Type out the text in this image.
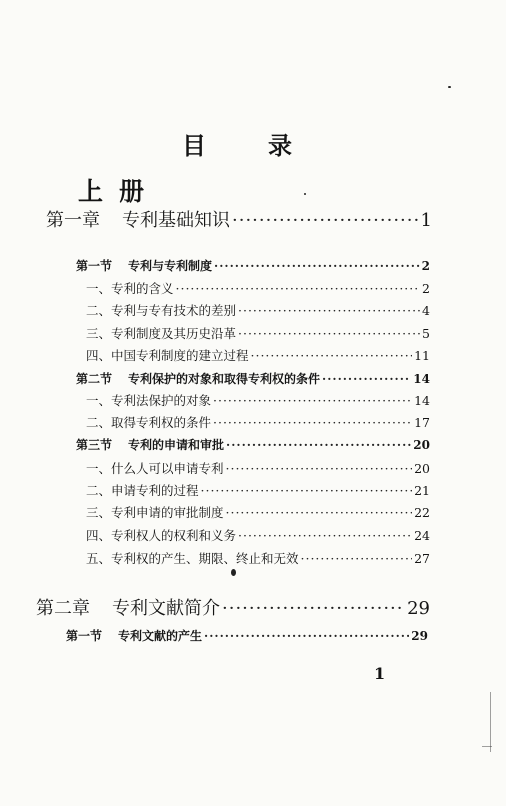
目录
上册
第一章 专利基础知识 ·····	1
第一节 专利与专利制度 ·····	2
一、专利的含义 ·····	2
二、专利与专有技术的差别 ·····	4
三、专利制度及其历史沿革 ·····	5
四、中国专利制度的建立过程 ·····	11
第二节 专利保护的对象和取得专利权的条件 ·····	14
一、专利法保护的对象 ·····	14
二、取得专利权的条件 ·····	17
第三节 专利的申请和审批 ·····	20
一、什么人可以申请专利 ·····	20
二、申请专利的过程 ·····	21
三、专利申请的审批制度 ·····	22
四、专利权人的权利和义务 ·····	24
五、专利权的产生、期限、终止和无效 ·····	27
第二章 专利文献简介 ·····	29
第一节 专利文献的产生 ·····	29
1
